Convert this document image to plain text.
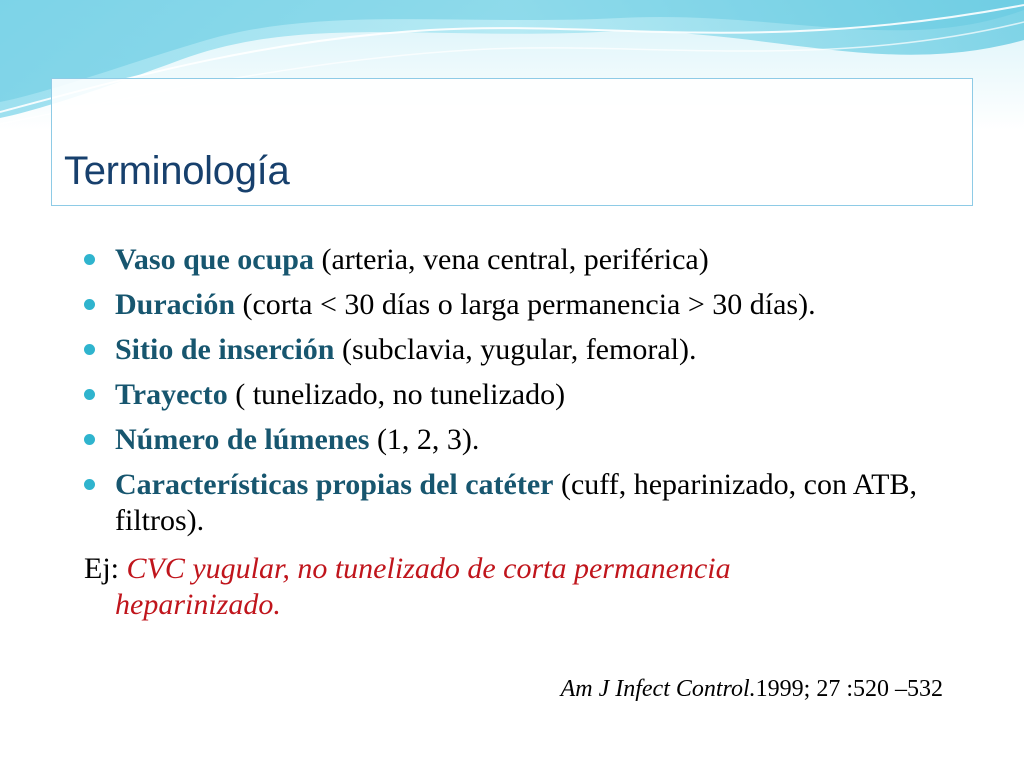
Terminología
Vaso que ocupa (arteria, vena central, periférica)
Duración (corta < 30 días o larga permanencia > 30 días).
Sitio de inserción (subclavia, yugular, femoral).
Trayecto ( tunelizado, no tunelizado)
Número de lúmenes (1, 2, 3).
Características propias del catéter (cuff, heparinizado, con ATB, filtros).
Ej: CVC yugular, no tunelizado de corta permanencia
heparinizado.
Am J Infect Control.1999; 27 :520 –532
